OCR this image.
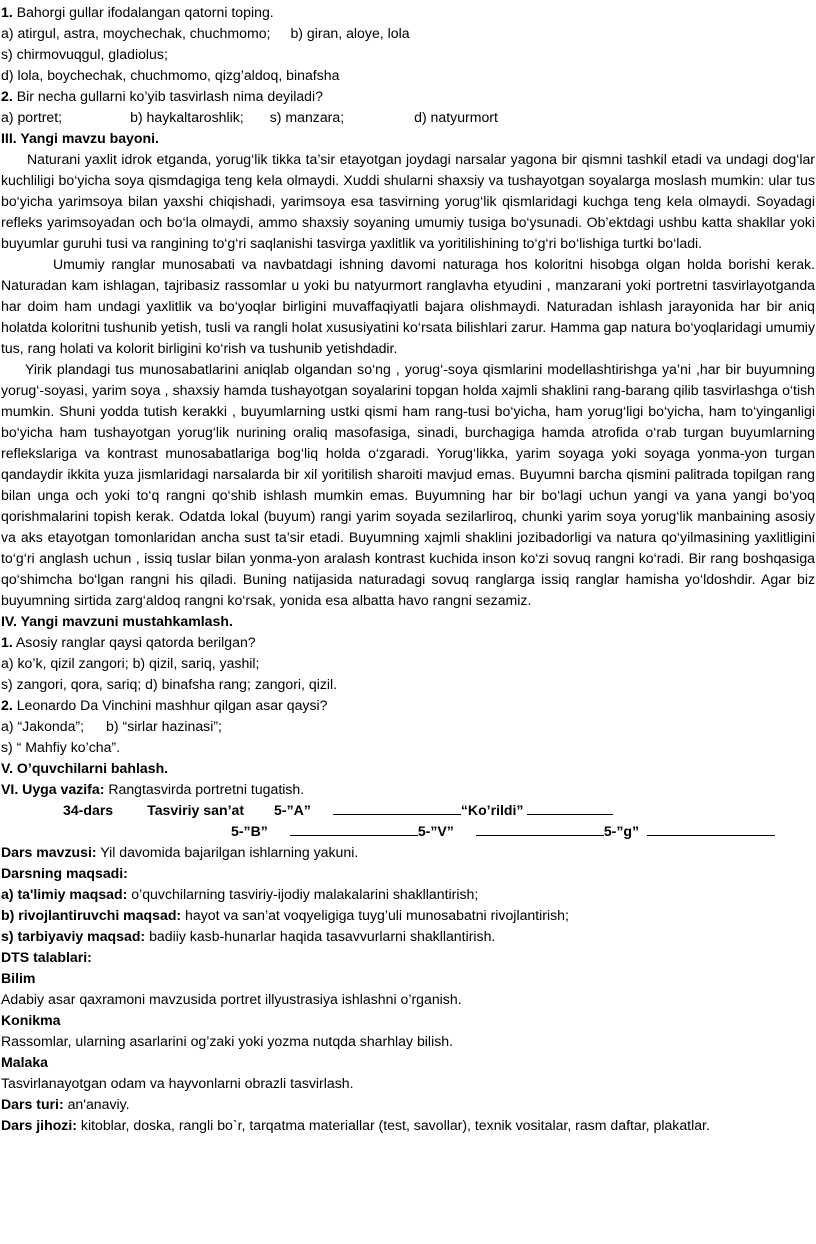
1. Bahorgi gullar ifodalangan qatorni toping.

a) atirgul, astra, moychechak, chuchmomo; b) giran, aloye, lola

s) chirmovuqgul, gladiolus;

d) lola, boychechak, chuchmomo, qizg’aldoq, binafsha

2. Bir necha gullarni ko’yib tasvirlash nima deyiladi?

a) portret;	b) haykaltaroshlik; s) manzara;	d) natyurmort

III. Yangi mavzu bayoni.

Naturani yaxlit idrok etganda, yorug‘lik tikka ta’sir etayotgan joydagi narsalar yagona bir qismni tashkil etadi va undagi dog‘lar kuchliligi bo‘yicha soya qismdagiga teng kela olmaydi. Xuddi shularni shaxsiy va tushayotgan soyalarga moslash mumkin: ular tus bo‘yicha yarimsoya bilan yaxshi chiqishadi, yarimsoya esa tasvirning yorug‘lik qismlaridagi kuchga teng kela olmaydi. Soyadagi refleks yarimsoyadan och bo‘la olmaydi, ammo shaxsiy soyaning umumiy tusiga bo‘ysunadi. Ob’ektdagi ushbu katta shakllar yoki buyumlar guruhi tusi va rangining to‘g‘ri saqlanishi tasvirga yaxlitlik va yoritilishining to‘g‘ri bo‘lishiga turtki bo‘ladi.

Umumiy ranglar munosabati va navbatdagi ishning davomi naturaga hos koloritni hisobga olgan holda borishi kerak. Naturadan kam ishlagan, tajribasiz rassomlar u yoki bu natyurmort ranglavha etyudini , manzarani yoki portretni tasvirlayotganda har doim ham undagi yaxlitlik va bo‘yoqlar birligini muvaffaqiyatli bajara olishmaydi. Naturadan ishlash jarayonida har bir aniq holatda koloritni tushunib yetish, tusli va rangli holat xususiyatini ko‘rsata bilishlari zarur. Hamma gap natura bo‘yoqlaridagi umumiy tus, rang holati va kolorit birligini ko‘rish va tushunib yetishdadir.

Yirik plandagi tus munosabatlarini aniqlab olgandan so‘ng , yorug‘-soya qismlarini modellashtirishga ya’ni ,har bir buyumning yorug‘-soyasi, yarim soya , shaxsiy hamda tushayotgan soyalarini topgan holda xajmli shaklini rang-barang qilib tasvirlashga o‘tish mumkin. Shuni yodda tutish kerakki , buyumlarning ustki qismi ham rang-tusi bo‘yicha, ham yorug‘ligi bo‘yicha, ham to‘yinganligi bo‘yicha ham tushayotgan yorug‘lik nurining oraliq masofasiga, sinadi, burchagiga hamda atrofida o‘rab turgan buyumlarning reflekslariga va kontrast munosabatlariga bog‘liq holda o‘zgaradi. Yorug‘likka, yarim soyaga yoki soyaga yonma-yon turgan qandaydir ikkita yuza jismlaridagi narsalarda bir xil yoritilish sharoiti mavjud emas. Buyumni barcha qismini palitrada topilgan rang bilan unga och yoki to‘q rangni qo‘shib ishlash mumkin emas. Buyumning har bir bo‘lagi uchun yangi va yana yangi bo‘yoq qorishmalarini topish kerak. Odatda lokal (buyum) rangi yarim soyada sezilarliroq, chunki yarim soya yorug‘lik manbaining asosiy va aks etayotgan tomonlaridan ancha sust ta’sir etadi. Buyumning xajmli shaklini jozibadorligi va natura qo‘yilmasining yaxlitligini to‘g‘ri anglash uchun , issiq tuslar bilan yonma-yon aralash kontrast kuchida inson ko‘zi sovuq rangni ko‘radi. Bir rang boshqasiga qo‘shimcha bo‘lgan rangni his qiladi. Buning natijasida naturadagi sovuq ranglarga issiq ranglar hamisha yo‘ldoshdir. Agar biz buyumning sirtida zarg‘aldoq rangni ko‘rsak, yonida esa albatta havo rangni sezamiz.

IV. Yangi mavzuni mustahkamlash.

1. Asosiy ranglar qaysi qatorda berilgan?

a) ko’k, qizil zangori; b) qizil, sariq, yashil;

s) zangori, qora, sariq; d) binafsha rang; zangori, qizil.

2. Leonardo Da Vinchini mashhur qilgan asar qaysi?

a) “Jakonda”; b) “sirlar hazinasi”;

s) “ Mahfiy ko’cha”.

V. O’quvchilarni bahlash.

VI. Uyga vazifa: Rangtasvirda portretni tugatish.

34-dars Tasviriy san’at 5-”A”	“Ko’rildi”

5-”B”	5-”V”	5-”g”

Dars mavzusi: Yil davomida bajarilgan ishlarning yakuni.

Darsning maqsadi:

a) ta'limiy maqsad: o’quvchilarning tasviriy-ijodiy malakalarini shakllantirish;

b) rivojlantiruvchi maqsad: hayot va san’at voqyeligiga tuyg’uli munosabatni rivojlantirish;

s) tarbiyaviy maqsad: badiiy kasb-hunarlar haqida tasavvurlarni shakllantirish.

DTS talablari:

Bilim

Adabiy asar qaxramoni mavzusida portret illyustrasiya ishlashni o’rganish.

Konikma

Rassomlar, ularning asarlarini og’zaki yoki yozma nutqda sharhlay bilish.

Malaka

Tasvirlanayotgan odam va hayvonlarni obrazli tasvirlash.

Dars turi: an'anaviy.

Dars jihozi: kitoblar, doska, rangli bo`r, tarqatma materiallar (test, savollar), texnik vositalar, rasm daftar, plakatlar.
